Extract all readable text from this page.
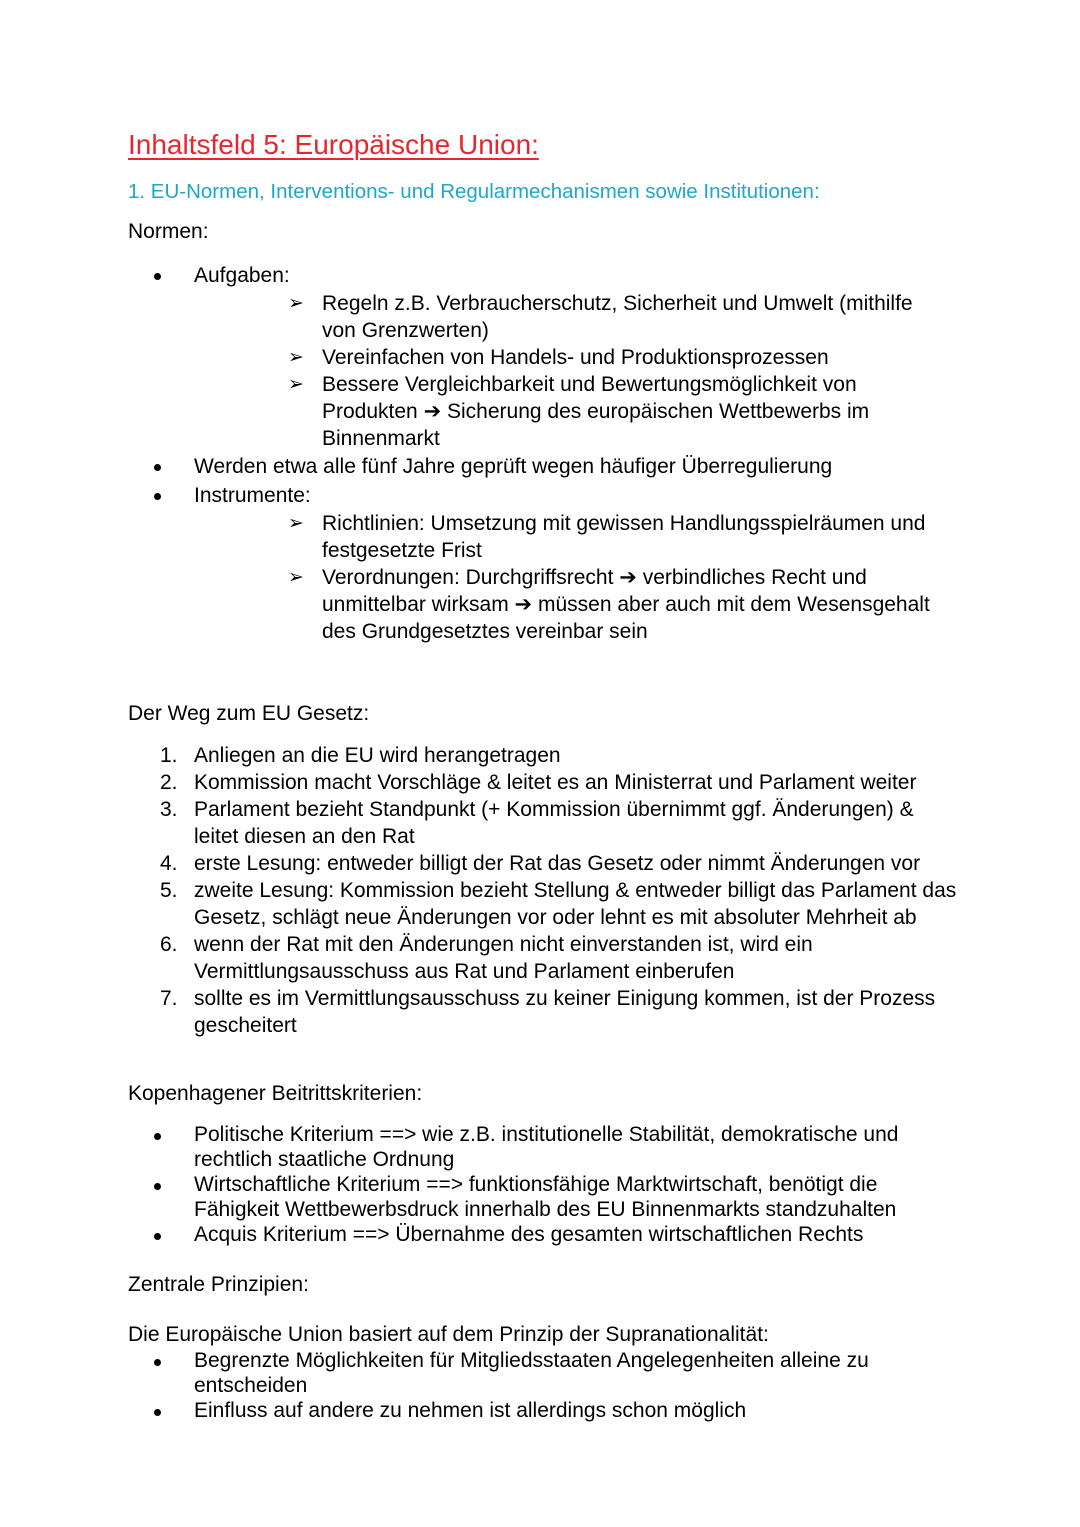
Inhaltsfeld 5: Europäische Union:

1. EU-Normen, Interventions- und Regularmechanismen sowie Institutionen:

Normen:

Aufgaben:
➢ Regeln z.B. Verbraucherschutz, Sicherheit und Umwelt (mithilfe von Grenzwerten)
➢ Vereinfachen von Handels- und Produktionsprozessen
➢ Bessere Vergleichbarkeit und Bewertungsmöglichkeit von Produkten ➔ Sicherung des europäischen Wettbewerbs im Binnenmarkt
Werden etwa alle fünf Jahre geprüft wegen häufiger Überregulierung
Instrumente:
➢ Richtlinien: Umsetzung mit gewissen Handlungsspielräumen und festgesetzte Frist
➢ Verordnungen: Durchgriffsrecht ➔ verbindliches Recht und unmittelbar wirksam ➔ müssen aber auch mit dem Wesensgehalt des Grundgesetztes vereinbar sein

Der Weg zum EU Gesetz:

1. Anliegen an die EU wird herangetragen
2. Kommission macht Vorschläge & leitet es an Ministerrat und Parlament weiter
3. Parlament bezieht Standpunkt (+ Kommission übernimmt ggf. Änderungen) & leitet diesen an den Rat
4. erste Lesung: entweder billigt der Rat das Gesetz oder nimmt Änderungen vor
5. zweite Lesung: Kommission bezieht Stellung & entweder billigt das Parlament das Gesetz, schlägt neue Änderungen vor oder lehnt es mit absoluter Mehrheit ab
6. wenn der Rat mit den Änderungen nicht einverstanden ist, wird ein Vermittlungsausschuss aus Rat und Parlament einberufen
7. sollte es im Vermittlungsausschuss zu keiner Einigung kommen, ist der Prozess gescheitert

Kopenhagener Beitrittskriterien:

Politische Kriterium ==> wie z.B. institutionelle Stabilität, demokratische und rechtlich staatliche Ordnung
Wirtschaftliche Kriterium ==> funktionsfähige Marktwirtschaft, benötigt die Fähigkeit Wettbewerbsdruck innerhalb des EU Binnenmarkts standzuhalten
Acquis Kriterium ==> Übernahme des gesamten wirtschaftlichen Rechts

Zentrale Prinzipien:

Die Europäische Union basiert auf dem Prinzip der Supranationalität:

Begrenzte Möglichkeiten für Mitgliedsstaaten Angelegenheiten alleine zu entscheiden
Einfluss auf andere zu nehmen ist allerdings schon möglich
